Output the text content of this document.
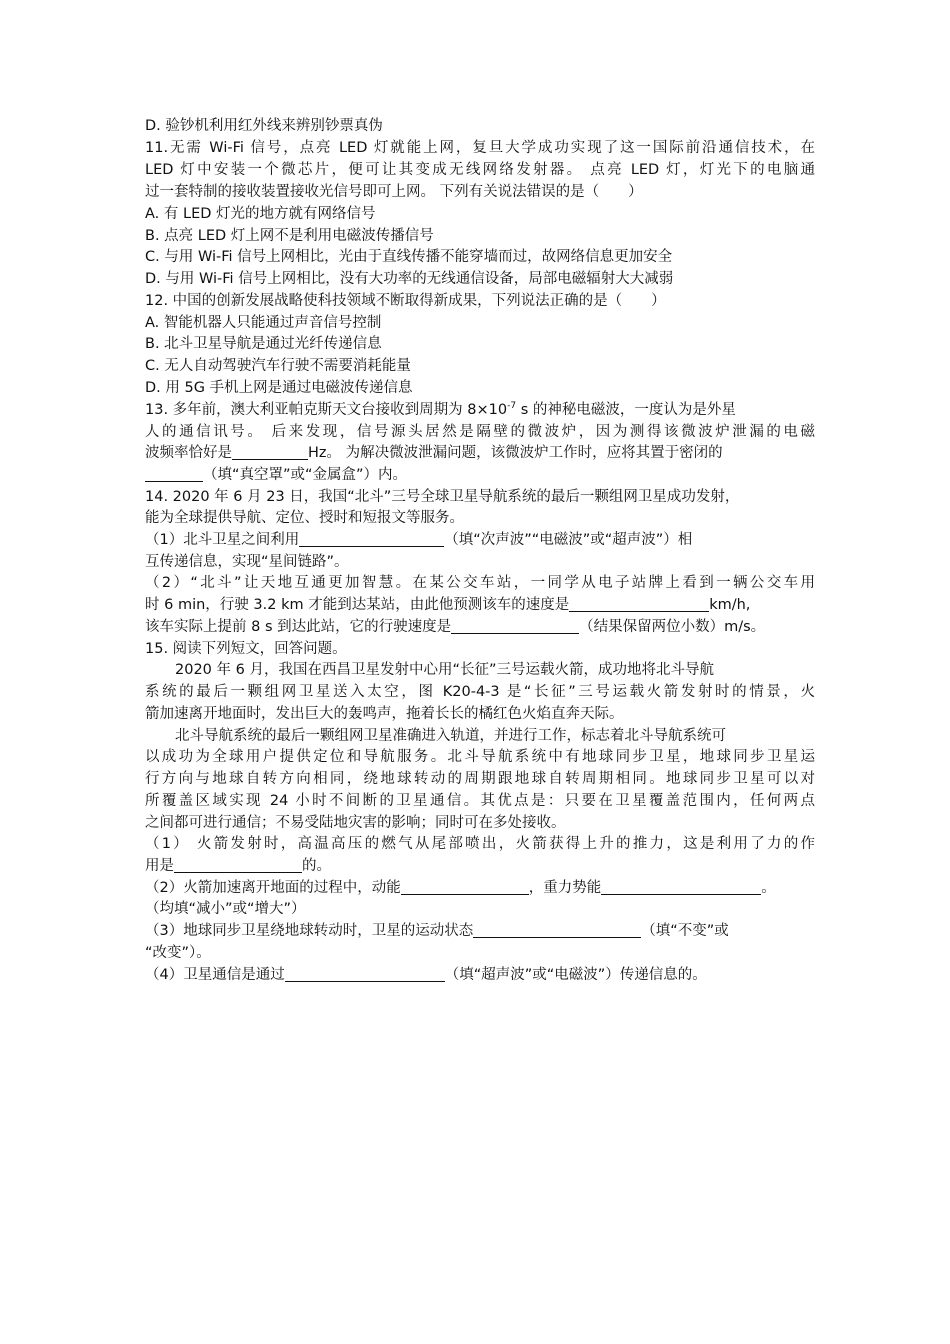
D. 验钞机利用红外线来辨别钞票真伪
11.无需 Wi-Fi 信号，点亮 LED 灯就能上网，复旦大学成功实现了这一国际前沿通信技术，在
LED 灯中安装一个微芯片，便可让其变成无线网络发射器。 点亮 LED 灯，灯光下的电脑通
过一套特制的接收装置接收光信号即可上网。 下列有关说法错误的是（　　）
A. 有 LED 灯光的地方就有网络信号
B. 点亮 LED 灯上网不是利用电磁波传播信号
C. 与用 Wi-Fi 信号上网相比，光由于直线传播不能穿墙而过，故网络信息更加安全
D. 与用 Wi-Fi 信号上网相比，没有大功率的无线通信设备，局部电磁辐射大大减弱
12. 中国的创新发展战略使科技领域不断取得新成果，下列说法正确的是（　　）
A. 智能机器人只能通过声音信号控制
B. 北斗卫星导航是通过光纤传递信息
C. 无人自动驾驶汽车行驶不需要消耗能量
D. 用 5G 手机上网是通过电磁波传递信息
13. 多年前，澳大利亚帕克斯天文台接收到周期为 $8\times 10^{-7}$ s 的神秘电磁波，一度认为是外星
人的通信讯号。 后来发现，信号源头居然是隔壁的微波炉，因为测得该微波炉泄漏的电磁
波频率恰好是	Hz。 为解决微波泄漏问题，该微波炉工作时，应将其置于密闭的
（填“真空罩”或“金属盒”）内。
14. 2020 年 6 月 23 日，我国“北斗”三号全球卫星导航系统的最后一颗组网卫星成功发射，
能为全球提供导航、定位、授时和短报文等服务。
（1）北斗卫星之间利用	（填“次声波”“电磁波”或“超声波”）相
互传递信息，实现“星间链路”。
（2）“北斗”让天地互通更加智慧。在某公交车站，一同学从电子站牌上看到一辆公交车用
时 6 min，行驶 3.2 km 才能到达某站，由此他预测该车的速度是	km/h,
该车实际上提前 8 s 到达此站，它的行驶速度是	（结果保留两位小数）m/s。
15. 阅读下列短文，回答问题。
2020 年 6 月，我国在西昌卫星发射中心用“长征”三号运载火箭，成功地将北斗导航
系统的最后一颗组网卫星送入太空，图 K20-4-3 是“长征”三号运载火箭发射时的情景，火
箭加速离开地面时，发出巨大的轰鸣声，拖着长长的橘红色火焰直奔天际。
北斗导航系统的最后一颗组网卫星准确进入轨道，并进行工作，标志着北斗导航系统可
以成功为全球用户提供定位和导航服务。北斗导航系统中有地球同步卫星，地球同步卫星运
行方向与地球自转方向相同，绕地球转动的周期跟地球自转周期相同。地球同步卫星可以对
所覆盖区域实现 24 小时不间断的卫星通信。其优点是：只要在卫星覆盖范围内，任何两点
之间都可进行通信；不易受陆地灾害的影响；同时可在多处接收。
（1） 火箭发射时，高温高压的燃气从尾部喷出，火箭获得上升的推力，这是利用了力的作
用是	的。
（2）火箭加速离开地面的过程中，动能	，重力势能	。
（均填“减小”或“增大”）
（3）地球同步卫星绕地球转动时，卫星的运动状态	（填“不变”或
“改变”）。
（4）卫星通信是通过	（填“超声波”或“电磁波”）传递信息的。
